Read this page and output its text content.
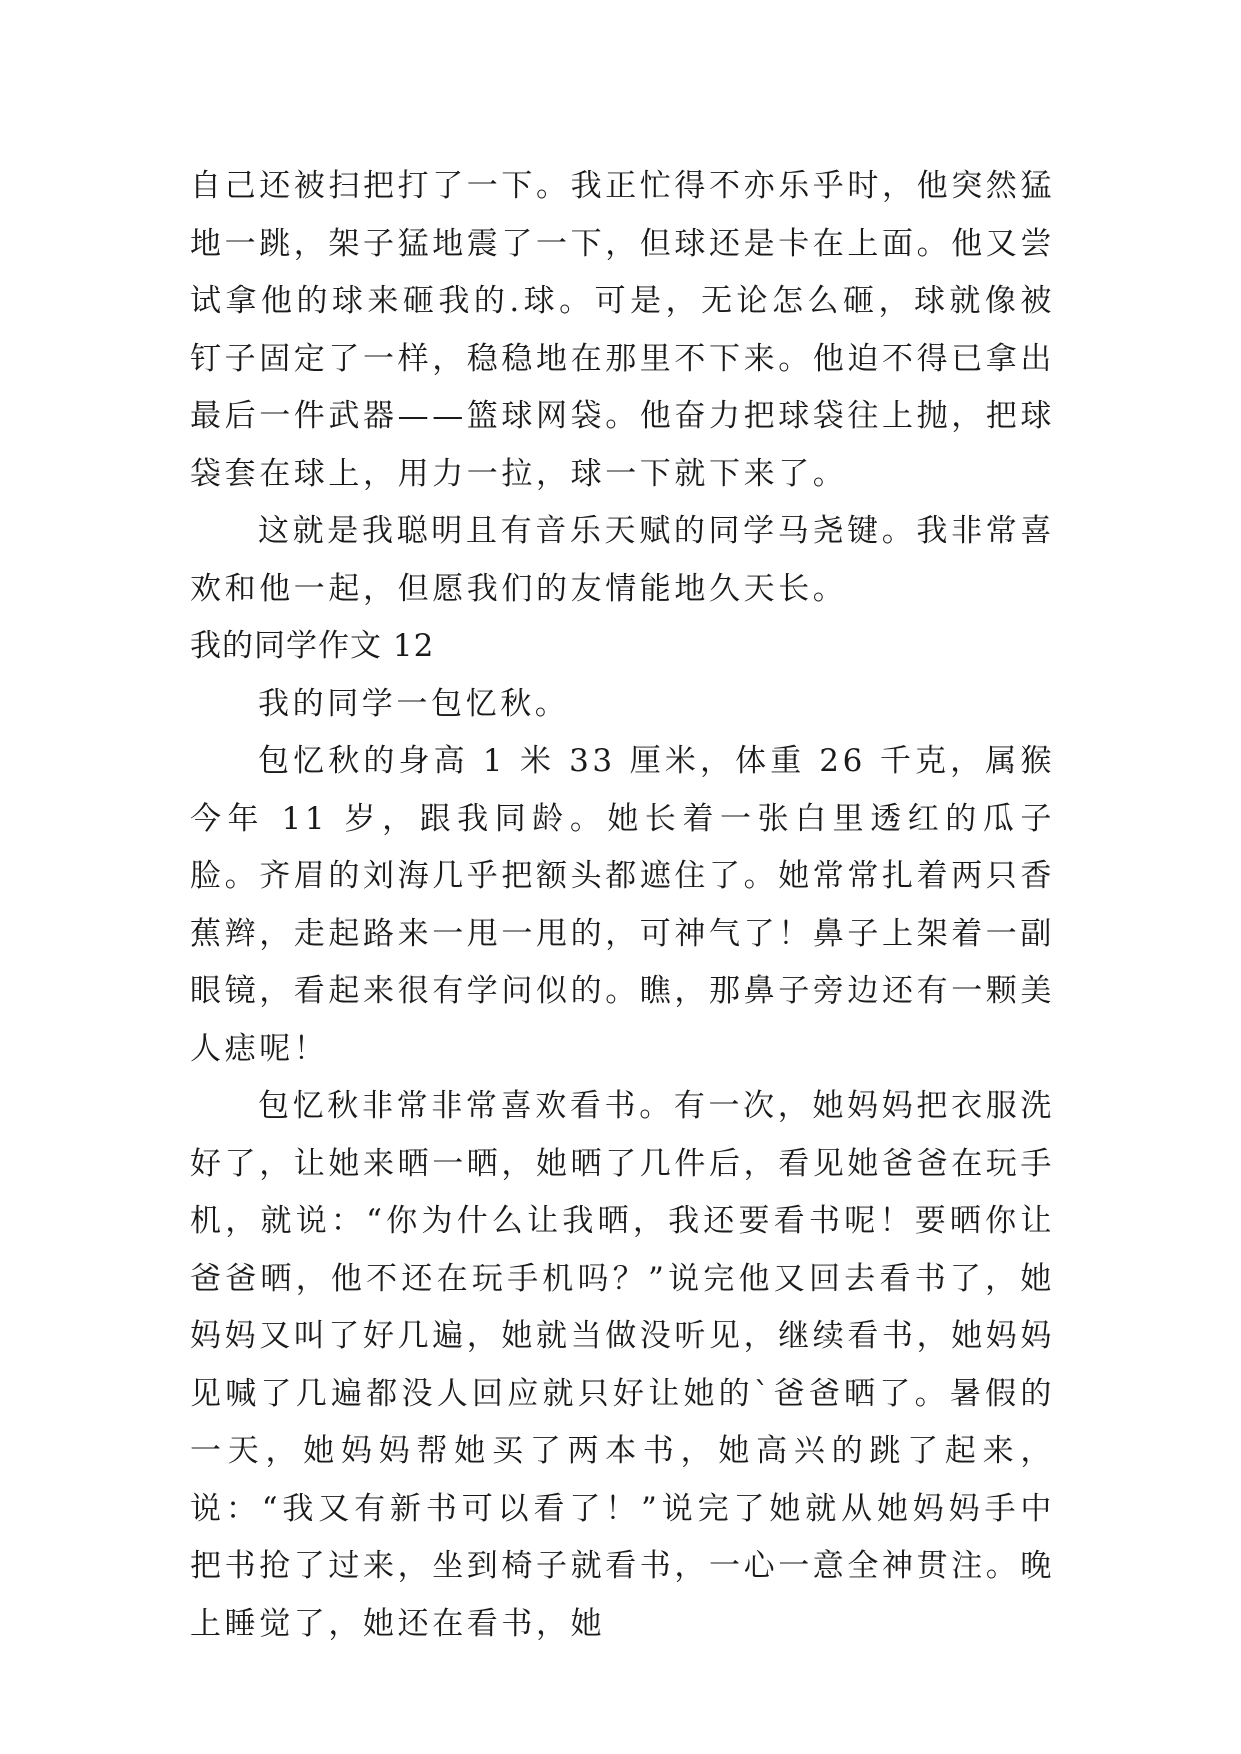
自己还被扫把打了一下。我正忙得不亦乐乎时，他突然猛地一跳，架子猛地震了一下，但球还是卡在上面。他又尝试拿他的球来砸我的.球。可是，无论怎么砸，球就像被钉子固定了一样，稳稳地在那里不下来。他迫不得已拿出最后一件武器——篮球网袋。他奋力把球袋往上抛，把球袋套在球上，用力一拉，球一下就下来了。

这就是我聪明且有音乐天赋的同学马尧键。我非常喜欢和他一起，但愿我们的友情能地久天长。

我的同学作文 12

我的同学一包忆秋。

包忆秋的身高 1 米 33 厘米，体重 26 千克，属猴今年 11 岁，跟我同龄。她长着一张白里透红的瓜子脸。齐眉的刘海几乎把额头都遮住了。她常常扎着两只香蕉辫，走起路来一甩一甩的，可神气了！鼻子上架着一副眼镜，看起来很有学问似的。瞧，那鼻子旁边还有一颗美人痣呢！

包忆秋非常非常喜欢看书。有一次，她妈妈把衣服洗好了，让她来晒一晒，她晒了几件后，看见她爸爸在玩手机，就说：“你为什么让我晒，我还要看书呢！要晒你让爸爸晒，他不还在玩手机吗？”说完他又回去看书了，她妈妈又叫了好几遍，她就当做没听见，继续看书，她妈妈见喊了几遍都没人回应就只好让她的`爸爸晒了。暑假的一天，她妈妈帮她买了两本书，她高兴的跳了起来，说：“我又有新书可以看了！”说完了她就从她妈妈手中把书抢了过来，坐到椅子就看书，一心一意全神贯注。晚上睡觉了，她还在看书，她
